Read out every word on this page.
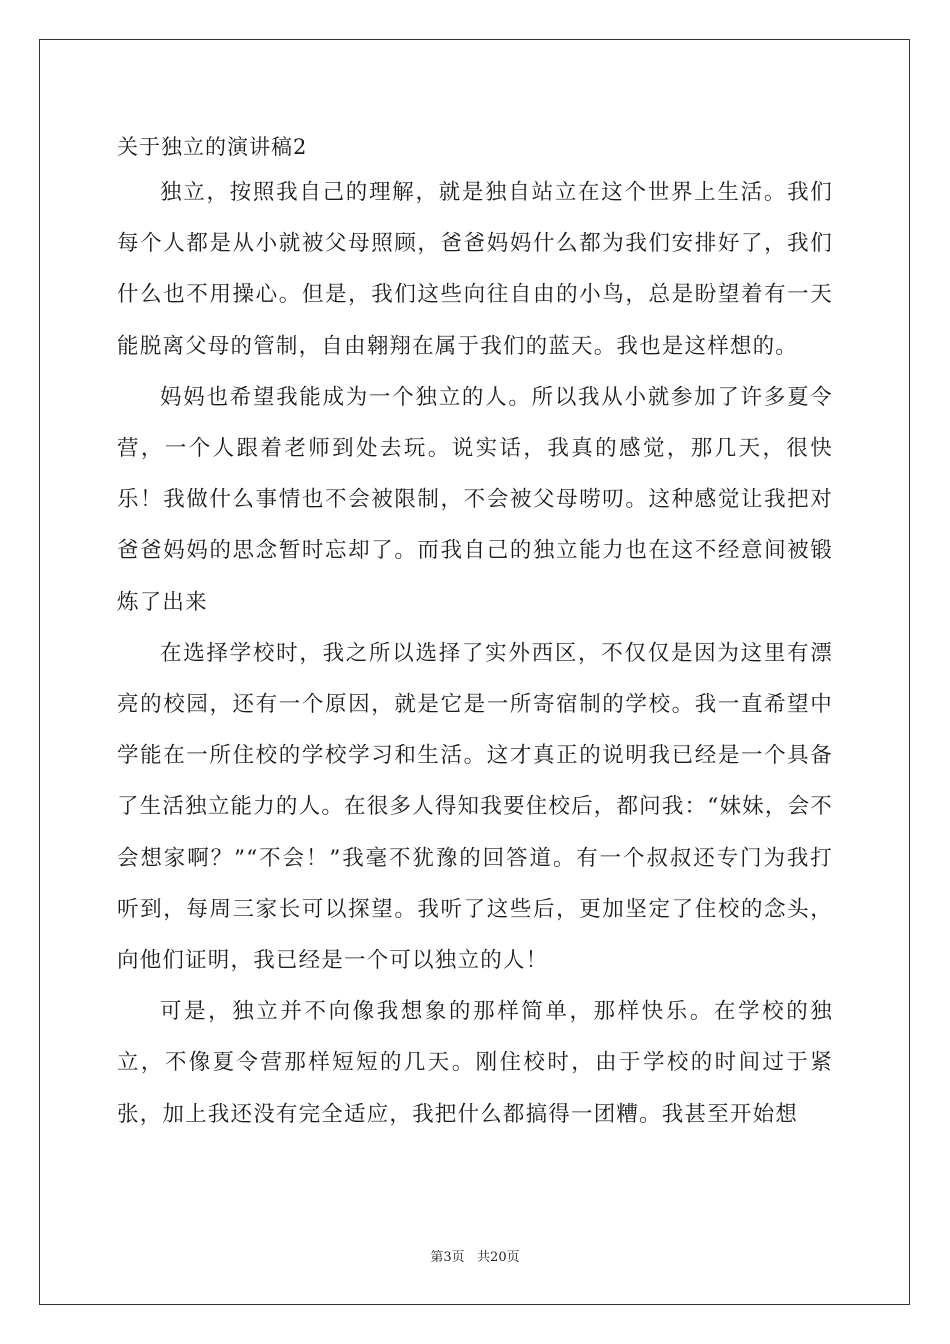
关于独立的演讲稿2

独立，按照我自己的理解，就是独自站立在这个世界上生活。我们每个人都是从小就被父母照顾，爸爸妈妈什么都为我们安排好了，我们什么也不用操心。但是，我们这些向往自由的小鸟，总是盼望着有一天能脱离父母的管制，自由翱翔在属于我们的蓝天。我也是这样想的。

妈妈也希望我能成为一个独立的人。所以我从小就参加了许多夏令营，一个人跟着老师到处去玩。说实话，我真的感觉，那几天，很快乐！我做什么事情也不会被限制，不会被父母唠叨。这种感觉让我把对爸爸妈妈的思念暂时忘却了。而我自己的独立能力也在这不经意间被锻炼了出来

在选择学校时，我之所以选择了实外西区，不仅仅是因为这里有漂亮的校园，还有一个原因，就是它是一所寄宿制的学校。我一直希望中学能在一所住校的学校学习和生活。这才真正的说明我已经是一个具备了生活独立能力的人。在很多人得知我要住校后，都问我：“妹妹，会不会想家啊？”“不会！”我毫不犹豫的回答道。有一个叔叔还专门为我打听到，每周三家长可以探望。我听了这些后，更加坚定了住校的念头，向他们证明，我已经是一个可以独立的人！

可是，独立并不向像我想象的那样简单，那样快乐。在学校的独立，不像夏令营那样短短的几天。刚住校时，由于学校的时间过于紧张，加上我还没有完全适应，我把什么都搞得一团糟。我甚至开始想

第3页   共20页
